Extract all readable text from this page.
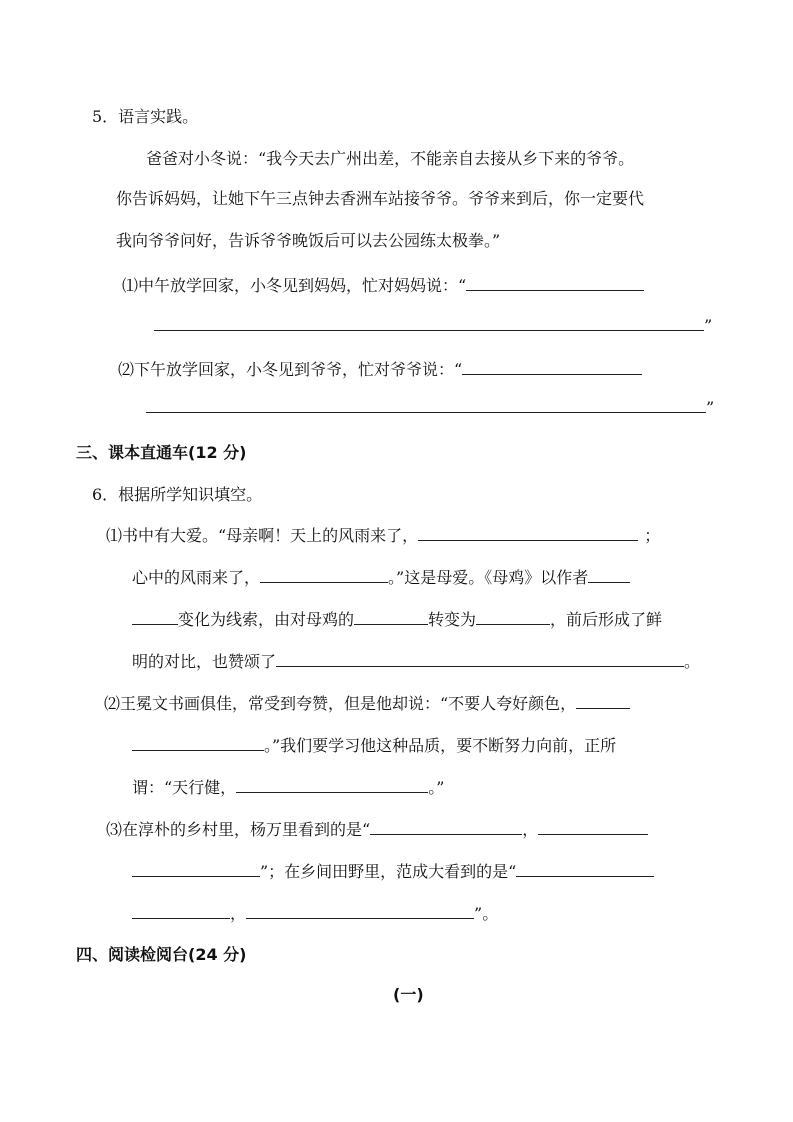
5．语言实践。
爸爸对小冬说：“我今天去广州出差，不能亲自去接从乡下来的爷爷。
你告诉妈妈，让她下午三点钟去香洲车站接爷爷。爷爷来到后，你一定要代
我向爷爷问好，告诉爷爷晚饭后可以去公园练太极拳。”
⑴中午放学回家，小冬见到妈妈，忙对妈妈说：“
”
⑵下午放学回家，小冬见到爷爷，忙对爷爷说：“
”
三、课本直通车(12 分)
6．根据所学知识填空。
⑴书中有大爱。“母亲啊！天上的风雨来了，	；
心中的风雨来了，	。”这是母爱。《母鸡》以作者
变化为线索，由对母鸡的	转变为	，前后形成了鲜
明的对比，也赞颂了	。
⑵王冕文书画俱佳，常受到夸赞，但是他却说：“不要人夸好颜色，
。”我们要学习他这种品质，要不断努力向前，正所
谓：“天行健，	。”
⑶在淳朴的乡村里，杨万里看到的是“	，
”；在乡间田野里，范成大看到的是“
，	”。
四、阅读检阅台(24 分)
(一)
